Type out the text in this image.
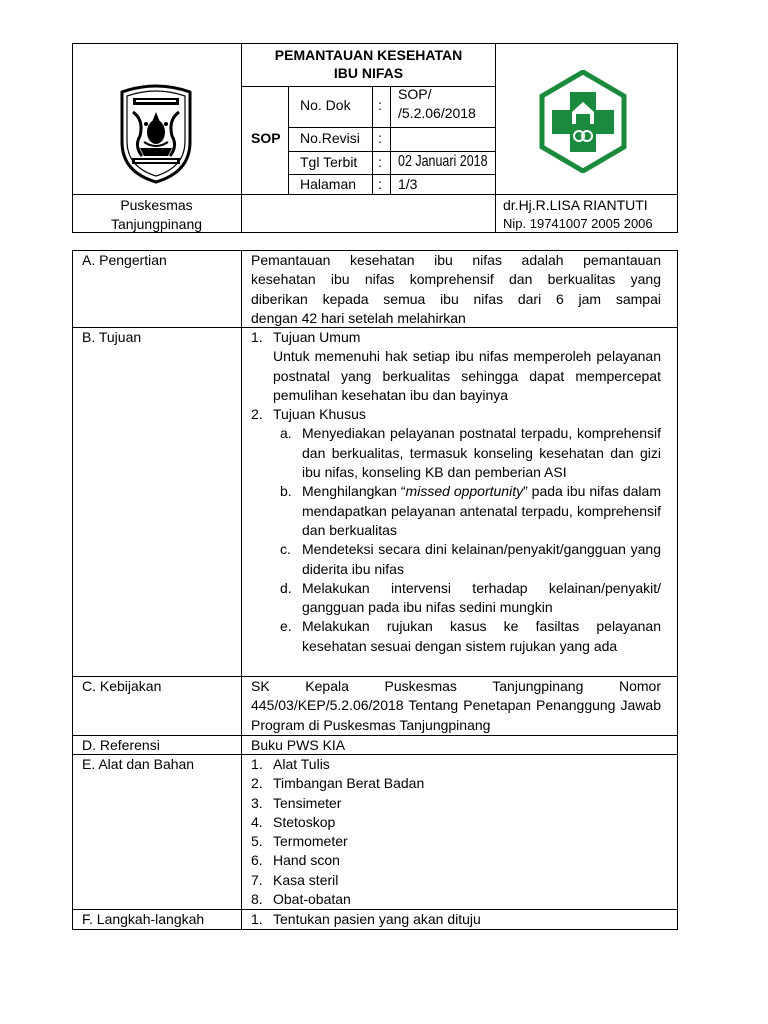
PEMANTAUAN KESEHATAN
IBU NIFAS
SOP
No. Dok :
SOP/
/5.2.06/2018
No.Revisi :
Tgl Terbit : 02 Januari 2018
Halaman : 1/3
Puskesmas
Tanjungpinang
dr.Hj.R.LISA RIANTUTI
Nip. 19741007 2005 2006
A. Pengertian	Pemantauan kesehatan ibu nifas adalah pemantauan
kesehatan ibu nifas komprehensif dan berkualitas yang
diberikan kepada semua ibu nifas dari 6 jam sampai
dengan 42 hari setelah melahirkan
B. Tujuan	1. Tujuan Umum
Untuk memenuhi hak setiap ibu nifas memperoleh pelayanan postnatal yang berkualitas sehingga dapat mempercepat pemulihan kesehatan ibu dan bayinya
2. Tujuan Khusus
a. Menyediakan pelayanan postnatal terpadu, komprehensif dan berkualitas, termasuk konseling kesehatan dan gizi ibu nifas, konseling KB dan pemberian ASI
b. Menghilangkan “missed opportunity” pada ibu nifas dalam mendapatkan pelayanan antenatal terpadu, komprehensif dan berkualitas
c. Mendeteksi secara dini kelainan/penyakit/gangguan yang diderita ibu nifas
d. Melakukan intervensi terhadap kelainan/penyakit/ gangguan pada ibu nifas sedini mungkin
e. Melakukan rujukan kasus ke fasiltas pelayanan kesehatan sesuai dengan sistem rujukan yang ada
C. Kebijakan	SK Kepala Puskesmas Tanjungpinang Nomor 445/03/KEP/5.2.06/2018 Tentang Penetapan Penanggung Jawab Program di Puskesmas Tanjungpinang
D. Referensi	Buku PWS KIA
E. Alat dan Bahan	1. Alat Tulis
2. Timbangan Berat Badan
3. Tensimeter
4. Stetoskop
5. Termometer
6. Hand scon
7. Kasa steril
8. Obat-obatan
F. Langkah-langkah	1. Tentukan pasien yang akan dituju
